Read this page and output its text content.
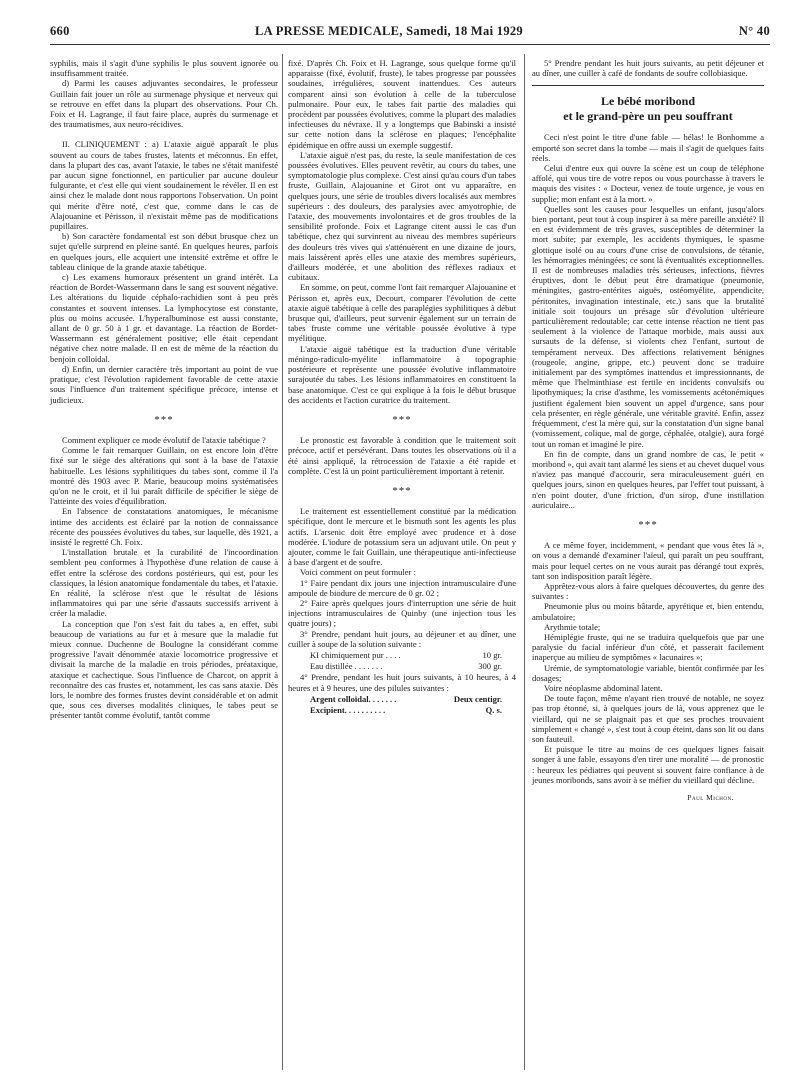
660	LA PRESSE MEDICALE, Samedi, 18 Mai 1929	N° 40

syphilis, mais il s'agit d'une syphilis le plus souvent ignorée ou insuffisamment traitée.

d) Parmi les causes adjuvantes secondaires, le professeur Guillain fait jouer un rôle au surmenage physique et nerveux qui se retrouve en effet dans la plupart des observations. Pour Ch. Foix et H. Lagrange, il faut faire place, auprès du surmenage et des traumatismes, aux neuro-récidives.

II. CLINIQUEMENT : a) L'ataxie aiguë apparaît le plus souvent au cours de tabes frustes, latents et méconnus. En effet, dans la plupart des cas, avant l'ataxie, le tabes ne s'était manifesté par aucun signe fonctionnel, en particulier par aucune douleur fulgurante, et c'est elle qui vient soudainement le révéler. Il en est ainsi chez le malade dont nous rapportons l'observation. Un point qui mérite d'être noté, c'est que, comme dans le cas de Alajouanine et Périsson, il n'existait même pas de modifications pupillaires.

b) Son caractère fondamental est son début brusque chez un sujet qu'elle surprend en pleine santé. En quelques heures, parfois en quelques jours, elle acquiert une intensité extrême et offre le tableau clinique de la grande ataxie tabétique.

c) Les examens humoraux présentent un grand intérêt. La réaction de Bordet-Wassermann dans le sang est souvent négative. Les altérations du liquide céphalo-rachidien sont à peu près constantes et souvent intenses. La lymphocytose est constante, plus ou moins accusée. L'hyperalbuminose est aussi constante, allant de 0 gr. 50 à 1 gr. et davantage. La réaction de Bordet-Wassermann est généralement positive; elle était cependant négative chez notre malade. Il en est de même de la réaction du benjoin colloïdal.

d) Enfin, un dernier caractère très important au point de vue pratique, c'est l'évolution rapidement favorable de cette ataxie sous l'influence d'un traitement spécifique précoce, intense et judicieux.

***

Comment expliquer ce mode évolutif de l'ataxie tabétique ?

Comme le fait remarquer Guillain, on est encore loin d'être fixé sur le siège des altérations qui sont à la base de l'ataxie habituelle. Les lésions syphilitiques du tabes sont, comme il l'a montré dès 1903 avec P. Marie, beaucoup moins systématisées qu'on ne le croit, et il lui paraît difficile de spécifier le siège de l'atteinte des voies d'équilibration.

En l'absence de constatations anatomiques, le mécanisme intime des accidents est éclairé par la notion de connaissance récente des poussées évolutives du tabes, sur laquelle, dès 1921, a insisté le regretté Ch. Foix.

L'installation brutale et la curabilité de l'incoordination semblent peu conformes à l'hypothèse d'une relation de cause à effet entre la sclérose des cordons postérieurs, qui est, pour les classiques, la lésion anatomique fondamentale du tabes, et l'ataxie. En réalité, la sclérose n'est que le résultat de lésions inflammatoires qui par une série d'assauts successifs arrivent à créer la maladie.

La conception que l'on s'est fait du tabes a, en effet, subi beaucoup de variations au fur et à mesure que la maladie fut mieux connue. Duchenne de Boulogne la considérant comme progressive l'avait dénommée ataxie locomotrice progressive et divisait la marche de la maladie en trois périodes, préataxique, ataxique et cachectique. Sous l'influence de Charcot, on apprit à reconnaître des cas frustes et, notamment, les cas sans ataxie. Dès lors, le nombre des formes frustes devint considérable et on admit que, sous ces diverses modalités cliniques, le tabes peut se présenter tantôt comme évolutif, tantôt comme

fixé. D'après Ch. Foix et H. Lagrange, sous quelque forme qu'il apparaisse (fixé, évolutif, fruste), le tabes progresse par poussées soudaines, irrégulières, souvent inattendues. Ces auteurs comparent ainsi son évolution à celle de la tuberculose pulmonaire. Pour eux, le tabes fait partie des maladies qui procèdent par poussées évolutives, comme la plupart des maladies infectieuses du névraxe. Il y a longtemps que Babinski a insisté sur cette notion dans la sclérose en plaques; l'encéphalite épidémique en offre aussi un exemple suggestif.

L'ataxie aiguë n'est pas, du reste, la seule manifestation de ces poussées évolutives. Elles peuvent revêtir, au cours du tabes, une symptomatologie plus complexe. C'est ainsi qu'au cours d'un tabes fruste, Guillain, Alajouanine et Girot ont vu apparaître, en quelques jours, une série de troubles divers localisés aux membres supérieurs : des douleurs, des paralysies avec amyotrophie, de l'ataxie, des mouvements involontaires et de gros troubles de la sensibilité profonde. Foix et Lagrange citent aussi le cas d'un tabétique, chez qui survinrent au niveau des membres supérieurs des douleurs très vives qui s'atténuèrent en une dizaine de jours, mais laissèrent après elles une ataxie des membres supérieurs, d'ailleurs modérée, et une abolition des réflexes radiaux et cubitaux.

En somme, on peut, comme l'ont fait remarquer Alajouanine et Périsson et, après eux, Decourt, comparer l'évolution de cette ataxie aiguë tabétique à celle des paraplégies syphilitiques à début brusque qui, d'ailleurs, peut survenir également sur un terrain de tabes fruste comme une véritable poussée évolutive à type myélitique.

L'ataxie aiguë tabétique est la traduction d'une véritable méningo-radiculo-myélite inflammatoire à topographie postérieure et représente une poussée évolutive inflammatoire surajoutée du tabes. Les lésions inflammatoires en constituent la base anatomique. C'est ce qui explique à la fois le début brusque des accidents et l'action curatrice du traitement.

***

Le pronostic est favorable à condition que le traitement soit précoce, actif et persévérant. Dans toutes les observations où il a été ainsi appliqué, la rétrocession de l'ataxie a été rapide et complète. C'est là un point particulièrement important à retenir.

***

Le traitement est essentiellement constitué par la médication spécifique, dont le mercure et le bismuth sont les agents les plus actifs. L'arsenic doit être employé avec prudence et à dose modérée. L'iodure de potassium sera un adjuvant utile. On peut y ajouter, comme le fait Guillain, une thérapeutique anti-infectieuse à base d'argent et de soufre.

Voici comment on peut formuler :

1° Faire pendant dix jours une injection intramusculaire d'une ampoule de biodure de mercure de 0 gr. 02 ;

2° Faire après quelques jours d'interruption une série de huit injections intramusculaires de Quinby (une injection tous les quatre jours) ;

3° Prendre, pendant huit jours, au déjeuner et au dîner, une cuiller à soupe de la solution suivante :

KI chimiquement pur . . . .	10 gr.
Eau distillée . . . . . . .	300 gr.

4° Prendre, pendant les huit jours suivants, à 10 heures, à 4 heures et à 9 heures, une des pilules suivantes :

Argent colloïdal. . . . . . .	Deux centigr.
Excipient. . . . . . . . . .	Q. s.

5° Prendre pendant les huit jours suivants, au petit déjeuner et au dîner, une cuiller à café de fondants de soufre collobiasique.

Le bébé moribond
et le grand-père un peu souffrant

Ceci n'est point le titre d'une fable — hélas! le Bonhomme a emporté son secret dans la tombe — mais il s'agit de quelques faits réels.

Celui d'entre eux qui ouvre la scène est un coup de téléphone affolé, qui vous tire de votre repos ou vous pourchasse à travers le maquis des visites : « Docteur, venez de toute urgence, je vous en supplie; mon enfant est à la mort. »

Quelles sont les causes pour lesquelles un enfant, jusqu'alors bien portant, peut tout à coup inspirer à sa mère pareille anxiété? Il en est évidemment de très graves, susceptibles de déterminer la mort subite; par exemple, les accidents thymiques, le spasme glottique isolé ou au cours d'une crise de convulsions, de tétanie, les hémorragies méningées; ce sont là éventualités exceptionnelles. Il est de nombreuses maladies très sérieuses, infections, fièvres éruptives, dont le début peut être dramatique (pneumonie, méningites, gastro-entérites aiguës, ostéomyélite, appendicite, péritonites, invagination intestinale, etc.) sans que la brutalité initiale soit toujours un présage sûr d'évolution ultérieure particulièrement redoutable; car cette intense réaction ne tient pas seulement à la violence de l'attaque morbide, mais aussi aux sursauts de la défense, si violents chez l'enfant, surtout de tempérament nerveux. Des affections relativement bénignes (rougeole, angine, grippe, etc.) peuvent donc se traduire initialement par des symptômes inattendus et impressionnants, de même que l'helminthiase est fertile en incidents convulsifs ou lipothymiques; la crise d'asthme, les vomissements acétonémiques justifient également bien souvent un appel d'urgence, sans pour cela présenter, en règle générale, une véritable gravité. Enfin, assez fréquemment, c'est la mère qui, sur la constatation d'un signe banal (vomissement, colique, mal de gorge, céphalée, otalgie), aura forgé tout un roman et imaginé le pire.

En fin de compte, dans un grand nombre de cas, le petit « moribond », qui avait tant alarmé les siens et au chevet duquel vous n'aviez pas manqué d'accourir, sera miraculeusement guéri en quelques jours, sinon en quelques heures, par l'effet tout puissant, à n'en point douter, d'une friction, d'un sirop, d'une instillation auriculaire...

***

A ce même foyer, incidemment, « pendant que vous êtes là », on vous a demandé d'examiner l'aïeul, qui paraît un peu souffrant, mais pour lequel certes on ne vous aurait pas dérangé tout exprès, tant son indisposition paraît légère.

Apprêtez-vous alors à faire quelques découvertes, du genre des suivantes :

Pneumonie plus ou moins bâtarde, apyrétique et, bien entendu, ambulatoire;

Arythmie totale;

Hémiplégie fruste, qui ne se traduira quelquefois que par une paralysie du facial inférieur d'un côté, et passerait facilement inaperçue au milieu de symptômes « lacunaires »;

Urémie, de symptomatologie variable, bientôt confirmée par les dosages;

Voire néoplasme abdominal latent.

De toute façon, même n'ayant rien trouvé de notable, ne soyez pas trop étonné, si, à quelques jours de là, vous apprenez que le vieillard, qui ne se plaignait pas et que ses proches trouvaient simplement « changé », s'est tout à coup éteint, dans son lit ou dans son fauteuil.

Et puisque le titre au moins de ces quelques lignes faisait songer à une fable, essayons d'en tirer une moralité — de pronostic : heureux les pédiatres qui peuvent si souvent faire confiance à de jeunes moribonds, sans avoir à se méfier du vieillard qui décline.

Paul Michon.
